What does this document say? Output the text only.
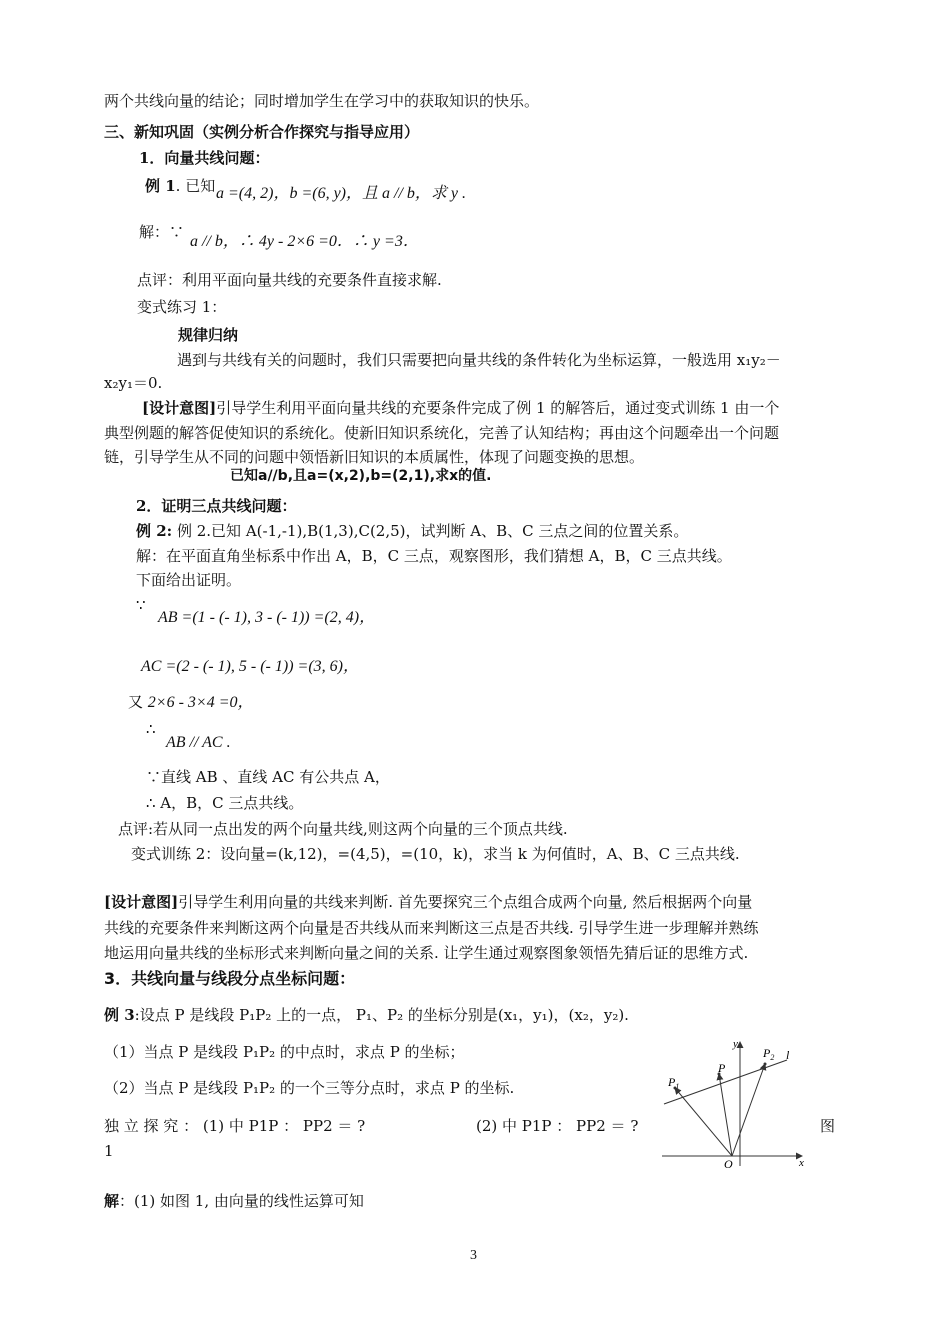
两个共线向量的结论；同时增加学生在学习中的获取知识的快乐。
三、新知巩固（实例分析合作探究与指导应用）
1．向量共线问题：
例 1. 已知 a =(4, 2)，b =(6, y)，且 a // b，求 y .
解：∵
a // b，∴ 4y - 2×6 =0．∴ y =3．
点评：利用平面向量共线的充要条件直接求解.
变式练习 1：
规律归纳
遇到与共线有关的问题时，我们只需要把向量共线的条件转化为坐标运算，一般选用 x₁y₂－
x₂y₁＝0.
[设计意图]引导学生利用平面向量共线的充要条件完成了例 1 的解答后，通过变式训练 1 由一个
典型例题的解答促使知识的系统化。使新旧知识系统化，完善了认知结构；再由这个问题牵出一个问题
链，引导学生从不同的问题中领悟新旧知识的本质属性，体现了问题变换的思想。
已知a//b,且a=(x,2),b=(2,1),求x的值.
2．证明三点共线问题：
例 2: 例 2.已知 A(-1,-1),B(1,3),C(2,5)，试判断 A、B、C 三点之间的位置关系。
解：在平面直角坐标系中作出 A，B，C 三点，观察图形，我们猜想 A，B，C 三点共线。
下面给出证明。
∵
AB =(1 - (- 1), 3 - (- 1)) =(2, 4)，
AC =(2 - (- 1), 5 - (- 1)) =(3, 6)，
又 2×6 - 3×4 =0，
∴
AB // AC .
∵直线 AB 、直线 AC 有公共点 A，
∴ A，B，C 三点共线。
点评:若从同一点出发的两个向量共线,则这两个向量的三个顶点共线.
变式训练 2：设向量=(k,12)，=(4,5)，=(10，k)，求当 k 为何值时，A、B、C 三点共线.
[设计意图]引导学生利用向量的共线来判断. 首先要探究三个点组合成两个向量, 然后根据两个向量
共线的充要条件来判断这两个向量是否共线从而来判断这三点是否共线. 引导学生进一步理解并熟练
地运用向量共线的坐标形式来判断向量之间的关系. 让学生通过观察图象领悟先猜后证的思维方式.
3．共线向量与线段分点坐标问题：
例 3:设点 P 是线段 P₁P₂ 上的一点， P₁、P₂ 的坐标分别是(x₁，y₁)，(x₂，y₂).
（1）当点 P 是线段 P₁P₂ 的中点时，求点 P 的坐标；
（2）当点 P 是线段 P₁P₂ 的一个三等分点时，求点 P 的坐标.
独 立 探 究 ： (1) 中 P1P ： PP2 ＝ ?	(2) 中 P1P ： PP2 ＝ ?	图
1
解：(1) 如图 1, 由向量的线性运算可知
3
y
x
O
l
P
$P_1$
$P_2$
